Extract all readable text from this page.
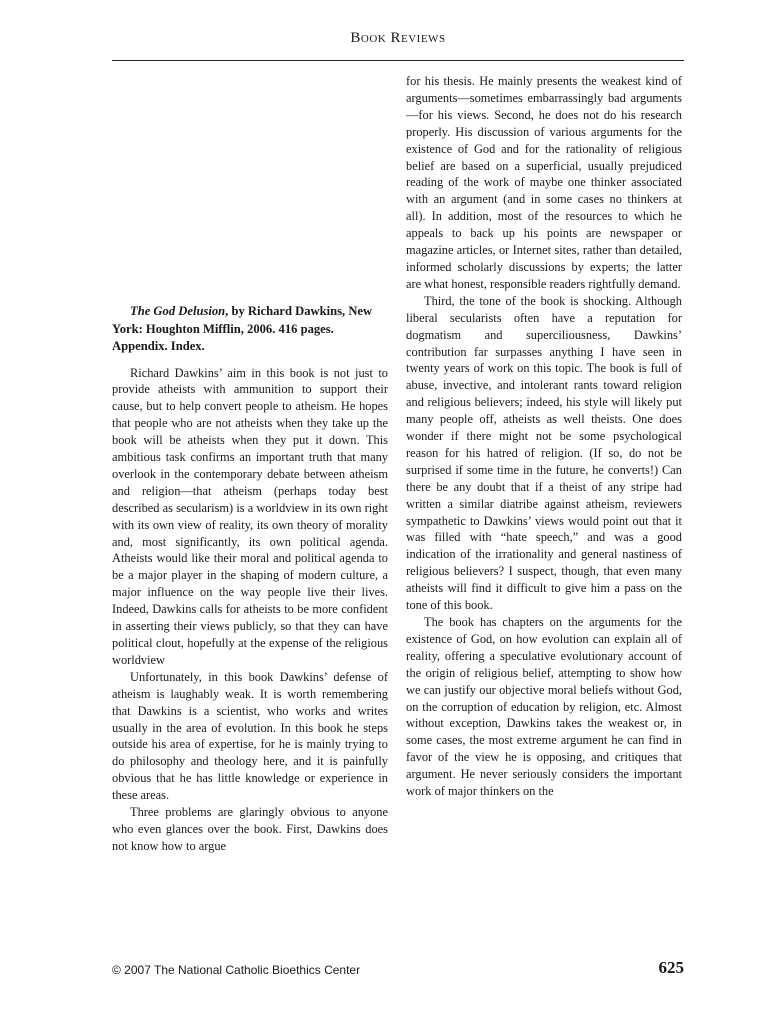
Book Reviews

The God Delusion, by Richard Dawkins, New York: Houghton Mifflin, 2006. 416 pages. Appendix. Index.

Richard Dawkins’ aim in this book is not just to provide atheists with ammunition to support their cause, but to help convert people to atheism. He hopes that people who are not atheists when they take up the book will be atheists when they put it down. This ambitious task confirms an important truth that many overlook in the contemporary debate between atheism and religion—that atheism (perhaps today best described as secularism) is a worldview in its own right with its own view of reality, its own theory of morality and, most significantly, its own political agenda. Atheists would like their moral and political agenda to be a major player in the shaping of modern culture, a major influence on the way people live their lives. Indeed, Dawkins calls for atheists to be more confident in asserting their views publicly, so that they can have political clout, hopefully at the expense of the religious worldview

Unfortunately, in this book Dawkins’ defense of atheism is laughably weak. It is worth remembering that Dawkins is a scientist, who works and writes usually in the area of evolution. In this book he steps outside his area of expertise, for he is mainly trying to do philosophy and theology here, and it is painfully obvious that he has little knowledge or experience in these areas.

Three problems are glaringly obvious to anyone who even glances over the book. First, Dawkins does not know how to argue

for his thesis. He mainly presents the weakest kind of arguments—sometimes embarrassingly bad arguments—for his views. Second, he does not do his research properly. His discussion of various arguments for the existence of God and for the rationality of religious belief are based on a superficial, usually prejudiced reading of the work of maybe one thinker associated with an argument (and in some cases no thinkers at all). In addition, most of the resources to which he appeals to back up his points are newspaper or magazine articles, or Internet sites, rather than detailed, informed scholarly discussions by experts; the latter are what honest, responsible readers rightfully demand.

Third, the tone of the book is shocking. Although liberal secularists often have a reputation for dogmatism and superciliousness, Dawkins’ contribution far surpasses anything I have seen in twenty years of work on this topic. The book is full of abuse, invective, and intolerant rants toward religion and religious believers; indeed, his style will likely put many people off, atheists as well theists. One does wonder if there might not be some psychological reason for his hatred of religion. (If so, do not be surprised if some time in the future, he converts!) Can there be any doubt that if a theist of any stripe had written a similar diatribe against atheism, reviewers sympathetic to Dawkins’ views would point out that it was filled with “hate speech,” and was a good indication of the irrationality and general nastiness of religious believers? I suspect, though, that even many atheists will find it difficult to give him a pass on the tone of this book.

The book has chapters on the arguments for the existence of God, on how evolution can explain all of reality, offering a speculative evolutionary account of the origin of religious belief, attempting to show how we can justify our objective moral beliefs without God, on the corruption of education by religion, etc. Almost without exception, Dawkins takes the weakest or, in some cases, the most extreme argument he can find in favor of the view he is opposing, and critiques that argument. He never seriously considers the important work of major thinkers on the

© 2007 The National Catholic Bioethics Center	625
